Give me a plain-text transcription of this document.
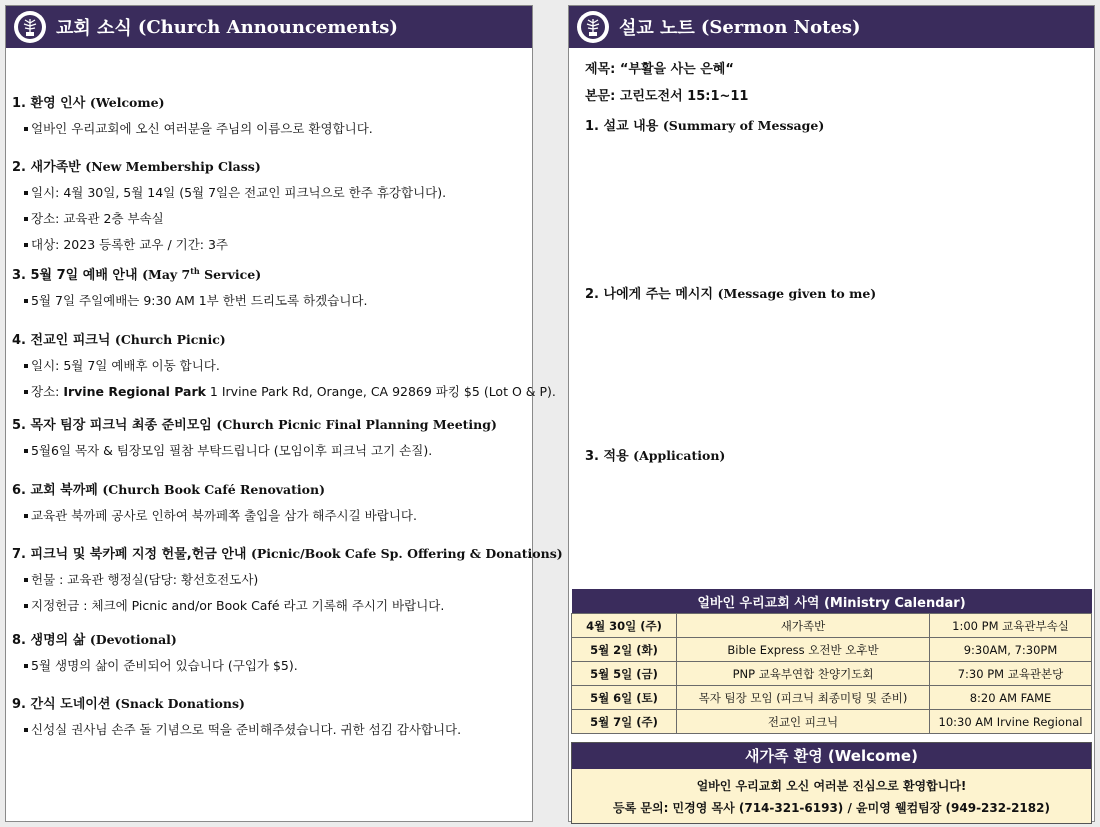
교회 소식 (Church Announcements)
1. 환영 인사 (Welcome)
얼바인 우리교회에 오신 여러분을 주님의 이름으로 환영합니다.
2. 새가족반 (New Membership Class)
일시: 4월 30일, 5월 14일 (5월 7일은 전교인 피크닉으로 한주 휴강합니다).
장소: 교육관 2층 부속실
대상: 2023 등록한 교우 / 기간: 3주
3. 5월 7일 예배 안내 (May 7th Service)
5월 7일 주일예배는 9:30 AM 1부 한번 드리도록 하겠습니다.
4. 전교인 피크닉 (Church Picnic)
일시: 5월 7일 예배후 이동 합니다.
장소: Irvine Regional Park 1 Irvine Park Rd, Orange, CA 92869 파킹 $5 (Lot O & P).
5. 목자 팀장 피크닉 최종 준비모임 (Church Picnic Final Planning Meeting)
5월6일 목자 & 팀장모임 필참 부탁드립니다 (모임이후 피크닉 고기 손질).
6. 교회 북까페 (Church Book Café Renovation)
교육관 북까페 공사로 인하여 북까페쪽 출입을 삼가 해주시길 바랍니다.
7. 피크닉 및 북카페 지정 헌물,헌금 안내 (Picnic/Book Cafe Sp. Offering & Donations)
헌물 : 교육관 행정실(담당: 황선호전도사)
지정헌금 : 체크에 Picnic and/or Book Café 라고 기록해 주시기 바랍니다.
8. 생명의 삶 (Devotional)
5월 생명의 삶이 준비되어 있습니다 (구입가 $5).
9. 간식 도네이션 (Snack Donations)
신성실 권사님 손주 돌 기념으로 떡을 준비해주셨습니다. 귀한 섬김 감사합니다.
설교 노트 (Sermon Notes)
제목: “부활을 사는 은혜“
본문: 고린도전서 15:1~11
1. 설교 내용 (Summary of Message)
2. 나에게 주는 메시지 (Message given to me)
3. 적용 (Application)
얼바인 우리교회 사역 (Ministry Calendar)		
4월 30일 (주)	새가족반	1:00 PM 교육관부속실
5월 2일 (화)	Bible Express 오전반 오후반	9:30AM, 7:30PM
5월 5일 (금)	PNP 교육부연합 찬양기도회	7:30 PM 교육관본당
5월 6일 (토)	목자 팀장 모임 (피크닉 최종미팅 및 준비)	8:20 AM FAME
5월 7일 (주)	전교인 피크닉	10:30 AM Irvine Regional
새가족 환영 (Welcome)
얼바인 우리교회 오신 여러분 진심으로 환영합니다!
등록 문의: 민경영 목사 (714-321-6193) / 윤미영 웰컴팀장 (949-232-2182)
